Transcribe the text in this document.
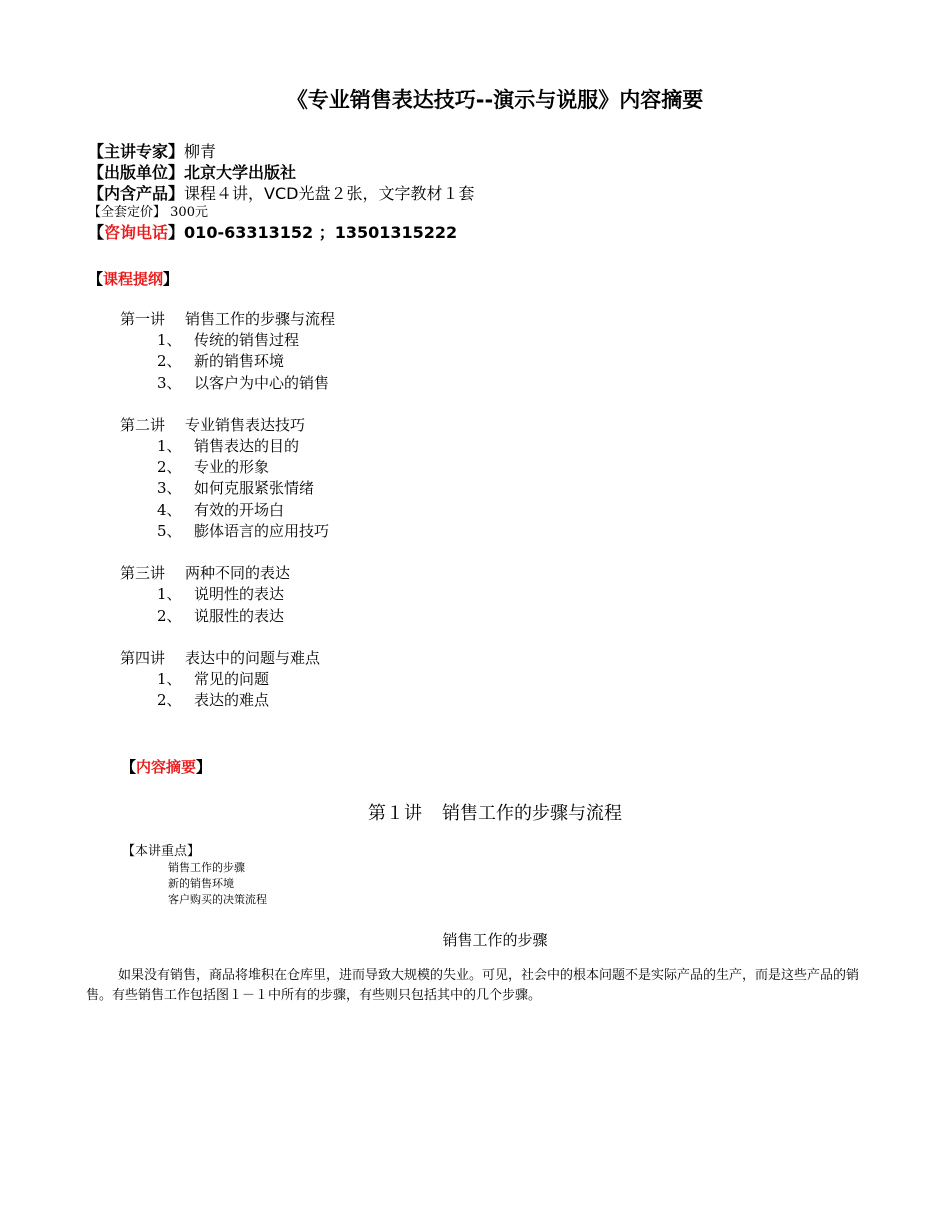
《专业销售表达技巧--演示与说服》内容摘要
【主讲专家】柳青
【出版单位】北京大学出版社
【内含产品】课程４讲，VCD光盘２张，文字教材１套
【全套定价】 300元
【咨询电话】010-63313152 ；13501315222
【课程提纲】
第一讲 销售工作的步骤与流程
1、 传统的销售过程
2、 新的销售环境
3、 以客户为中心的销售
第二讲 专业销售表达技巧
1、 销售表达的目的
2、 专业的形象
3、 如何克服紧张情绪
4、 有效的开场白
5、 膨体语言的应用技巧
第三讲 两种不同的表达
1、 说明性的表达
2、 说服性的表达
第四讲 表达中的问题与难点
1、 常见的问题
2、 表达的难点
【内容摘要】
第１讲 销售工作的步骤与流程
【本讲重点】
销售工作的步骤
新的销售环境
客户购买的决策流程
销售工作的步骤
如果没有销售，商品将堆积在仓库里，进而导致大规模的失业。可见，社会中的根本问题不是实际产品的生产，而是这些产品的销售。有些销售工作包括图１－１中所有的步骤，有些则只包括其中的几个步骤。
